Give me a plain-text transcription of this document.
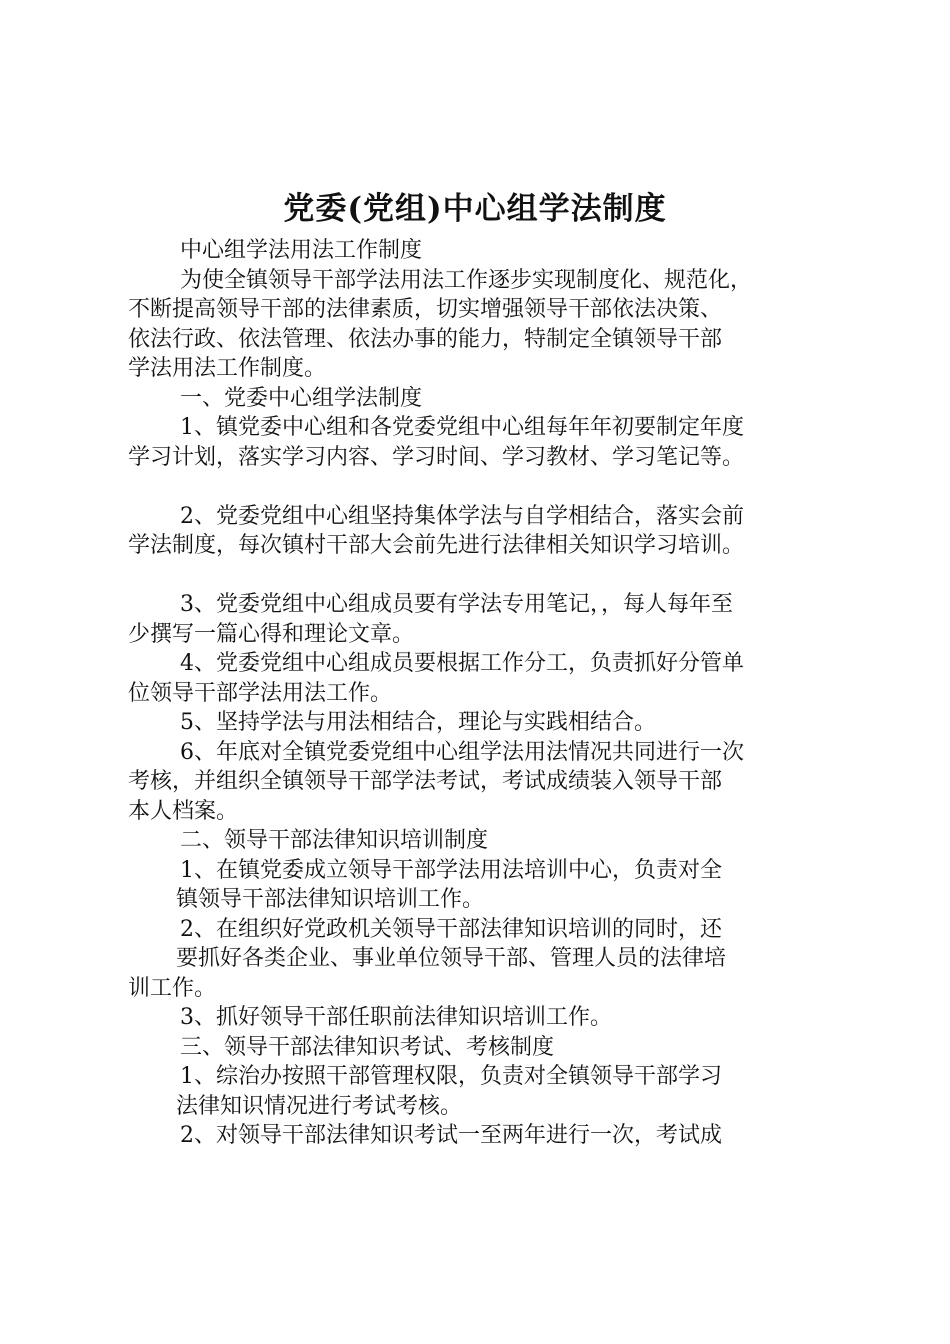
党委(党组)中心组学法制度
中心组学法用法工作制度
为使全镇领导干部学法用法工作逐步实现制度化、规范化，
不断提高领导干部的法律素质，切实增强领导干部依法决策、
依法行政、依法管理、依法办事的能力，特制定全镇领导干部
学法用法工作制度。
一、党委中心组学法制度
1、镇党委中心组和各党委党组中心组每年年初要制定年度
学习计划，落实学习内容、学习时间、学习教材、学习笔记等。
2、党委党组中心组坚持集体学法与自学相结合，落实会前
学法制度，每次镇村干部大会前先进行法律相关知识学习培训。
3、党委党组中心组成员要有学法专用笔记，，每人每年至
少撰写一篇心得和理论文章。
4、党委党组中心组成员要根据工作分工，负责抓好分管单
位领导干部学法用法工作。
5、坚持学法与用法相结合，理论与实践相结合。
6、年底对全镇党委党组中心组学法用法情况共同进行一次
考核，并组织全镇领导干部学法考试，考试成绩装入领导干部
本人档案。
二、领导干部法律知识培训制度
1、在镇党委成立领导干部学法用法培训中心，负责对全
镇领导干部法律知识培训工作。
2、在组织好党政机关领导干部法律知识培训的同时，还
要抓好各类企业、事业单位领导干部、管理人员的法律培
训工作。
3、抓好领导干部任职前法律知识培训工作。
三、领导干部法律知识考试、考核制度
1、综治办按照干部管理权限，负责对全镇领导干部学习
法律知识情况进行考试考核。
2、对领导干部法律知识考试一至两年进行一次，考试成
